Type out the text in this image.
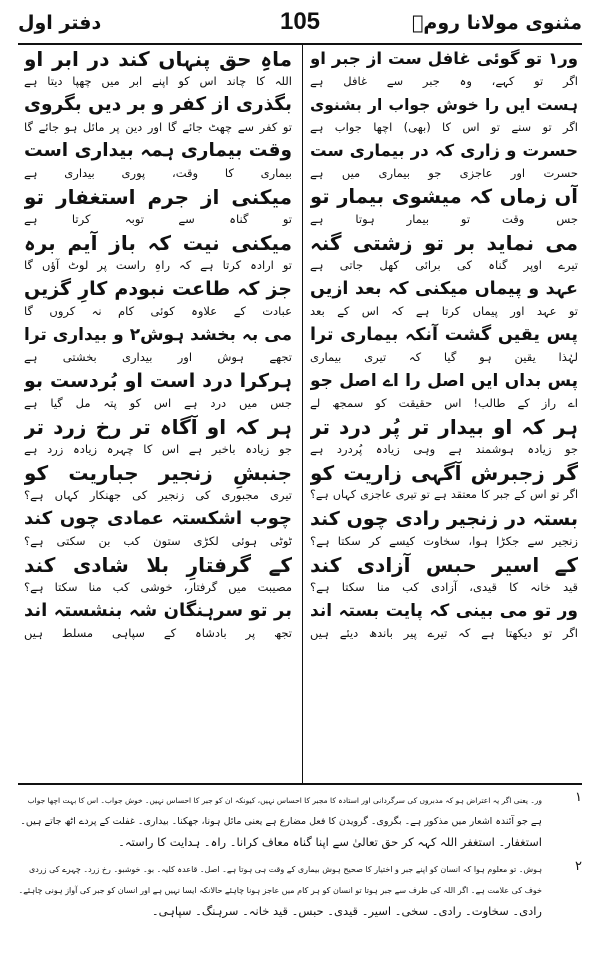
مثنوی مولانا رومؒ
105
دفتر اول
ور۱ تو گوئی غافل ست از جبر او
اگر تو کہے، وہ جبر سے غافل ہے
ہست ایں را خوش جواب ار بشنوی
اگر تو سنے تو اس کا (بھی) اچھا جواب ہے
حسرت و زاری کہ در بیماری ست
حسرت اور عاجزی جو بیماری میں ہے
آں زماں کہ میشوی بیمار تو
جس وقت تو بیمار ہوتا ہے
می نماید بر تو زشتی گنہ
تیرے اوپر گناہ کی برائی کھل جاتی ہے
عہد و پیماں میکنی کہ بعد ازیں
تو عہد اور پیماں کرتا ہے کہ اس کے بعد
پس یقیں گشت آنکہ بیماری ترا
لہٰذا یقین ہو گیا کہ تیری بیماری
پس بداں ایں اصل را اے اصل جو
اے راز کے طالب! اس حقیقت کو سمجھ لے
ہر کہ او بیدار تر پُر درد تر
جو زیادہ ہوشمند ہے وہی زیادہ پُردرد ہے
گر زجبرش آگہی زاریت کو
اگر تو اس کے جبر کا معتقد ہے تو تیری عاجزی کہاں ہے؟
بستہ در زنجیر رادی چوں کند
زنجیر سے جکڑا ہوا، سخاوت کیسے کر سکتا ہے؟
کے اسیر حبس آزادی کند
قید خانہ کا قیدی، آزادی کب منا سکتا ہے؟
ور تو می بینی کہ پایت بستہ اند
اگر تو دیکھتا ہے کہ تیرے پیر باندھ دیئے ہیں
ماہِ حق پنہاں کند در ابر او
اللہ کا چاند اس کو اپنے ابر میں چھپا دیتا ہے
بگذری از کفر و بر دیں بگروی
تو کفر سے چھٹ جائے گا اور دین پر مائل ہو جائے گا
وقت بیماری ہمہ بیداری است
بیماری کا وقت، پوری بیداری ہے
میکنی از جرم استغفار تو
تو گناہ سے توبہ کرتا ہے
میکنی نیت کہ باز آیم برہ
تو ارادہ کرتا ہے کہ راہِ راست پر لوٹ آؤں گا
جز کہ طاعت نبودم کارِ گزیں
عبادت کے علاوہ کوئی کام نہ کروں گا
می بہ بخشد ہوش۲ و بیداری ترا
تجھے ہوش اور بیداری بخشتی ہے
ہرکرا درد است او بُردست بو
جس میں درد ہے اس کو پتہ مل گیا ہے
ہر کہ او آگاہ تر رخ زرد تر
جو زیادہ باخبر ہے اس کا چہرہ زیادہ زرد ہے
جنبشِ زنجیر جباریت کو
تیری مجبوری کی زنجیر کی جھنکار کہاں ہے؟
چوب اشکستہ عمادی چوں کند
ٹوٹی ہوئی لکڑی ستون کب بن سکتی ہے؟
کے گرفتارِ بلا شادی کند
مصیبت میں گرفتار، خوشی کب منا سکتا ہے؟
بر تو سرہنگان شہ بنشستہ اند
تجھ پر بادشاہ کے سپاہی مسلط ہیں
۱
ور۔ یعنی اگر یہ اعتراض ہو کہ مدبروں کی سرگردانی اور استادہ کا مجبر کا احساس نہیں، کیونکہ ان کو جبر کا احساس نہیں۔ خوش جواب۔ اس کا بہت اچھا جواب
ہے جو آئندہ اشعار میں مذکور ہے۔ بگروی۔ گرویدن کا فعل مضارع ہے یعنی مائل ہونا، جھکنا۔ بیداری۔ غفلت کے پردے اٹھ جاتے ہیں۔
استغفار۔ استغفر اللہ کہہ کر حق تعالیٰ سے اپنا گناہ معاف کرانا۔ راہ۔ ہدایت کا راستہ۔
۲
ہوش۔ تو معلوم ہوا کہ انسان کو اپنے جبر و اختیار کا صحیح ہوش بیماری کے وقت ہی ہوتا ہے۔ اصل۔ قاعدہ کلیہ۔ بو۔ خوشبو۔ رخ زرد۔ چہرے کی زردی
خوف کی علامت ہے۔ اگر اللہ کی طرف سے جبر ہوتا تو انسان کو ہر کام میں عاجز ہونا چاہئے حالانکہ ایسا نہیں ہے اور انسان کو جبر کی آواز ہونی چاہئے۔
رادی۔ سخاوت۔ رادی۔ سخی۔ اسیر۔ قیدی۔ حبس۔ قید خانہ۔ سرہنگ۔ سپاہی۔
